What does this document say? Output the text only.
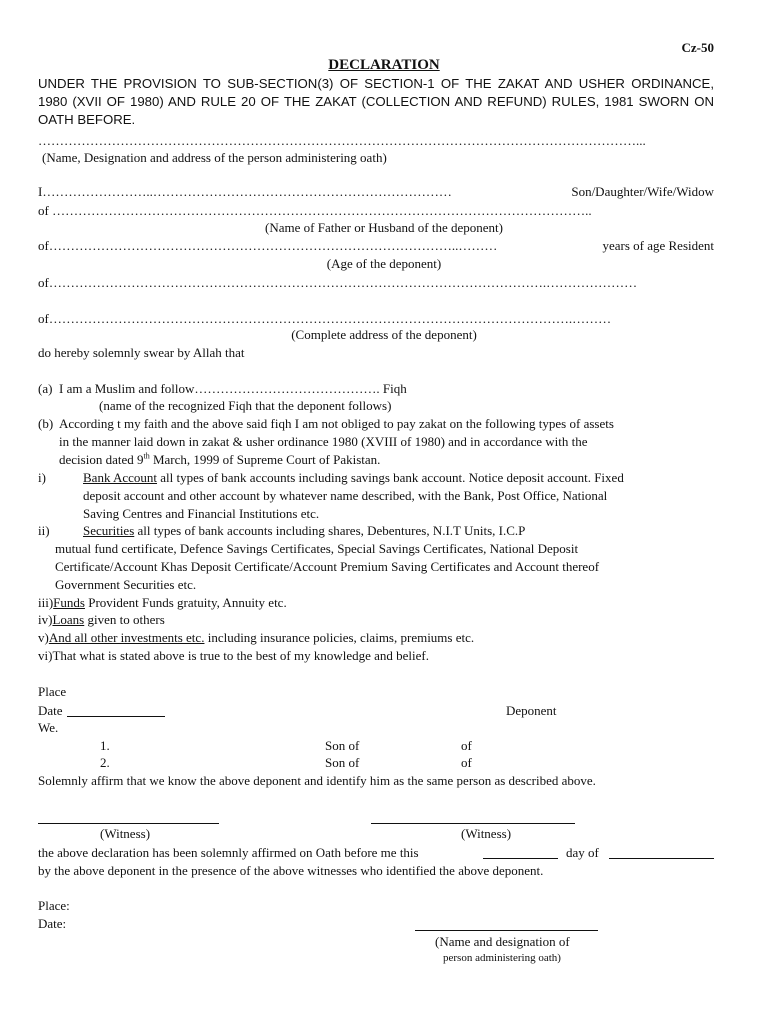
Cz-50
DECLARATION
UNDER THE PROVISION TO SUB-SECTION(3) OF SECTION-1 OF THE ZAKAT AND USHER ORDINANCE, 1980 (XVII OF 1980) AND RULE 20 OF THE ZAKAT (COLLECTION AND REFUND) RULES, 1981 SWORN ON OATH BEFORE.
…………………………………………………………………………………………………………………………...
(Name, Designation and address of the person administering oath)
I ……………………..……………………………………………………………	Son/Daughter/Wife/Widow
of ……………………………………………………………………………………………………………..
(Name of Father or Husband of the deponent)
of …………………………………………………………………………………..………	years of age Resident
(Age of the deponent)
of…………………………………………………………………………………………………….…………………
of………………………………………………………………………………………………………….………
(Complete address of the deponent)
do hereby solemnly swear by Allah that
(a) I am a Muslim and follow……………………………………. Fiqh
(name of the recognized Fiqh that the deponent follows)
(b) According t my faith and the above said fiqh I am not obliged to pay zakat on the following types of assets
in the manner laid down in zakat & usher ordinance 1980 (XVIII of 1980) and in accordance with the
decision dated 9th March, 1999 of Supreme Court of Pakistan.
i)	Bank Account all types of bank accounts including savings bank account. Notice deposit account. Fixed
deposit account and other account by whatever name described, with the Bank, Post Office, National
Saving Centres and Financial Institutions etc.
ii)	Securities all types of bank accounts including shares, Debentures, N.I.T Units, I.C.P
mutual fund certificate, Defence Savings Certificates, Special Savings Certificates, National Deposit
Certificate/Account Khas Deposit Certificate/Account Premium Saving Certificates and Account thereof
Government Securities etc.
iii)Funds Provident Funds gratuity, Annuity etc.
iv)Loans given to others
v)And all other investments etc. including insurance policies, claims, premiums etc.
vi)That what is stated above is true to the best of my knowledge and belief.
Place
Date	Deponent
We.
1.	Son of	of
2.	Son of	of
Solemnly affirm that we know the above deponent and identify him as the same person as described above.
(Witness)	(Witness)
the above declaration has been solemnly affirmed on Oath before me this	day of
by the above deponent in the presence of the above witnesses who identified the above deponent.
Place:
Date:
(Name and designation of
person administering oath)
